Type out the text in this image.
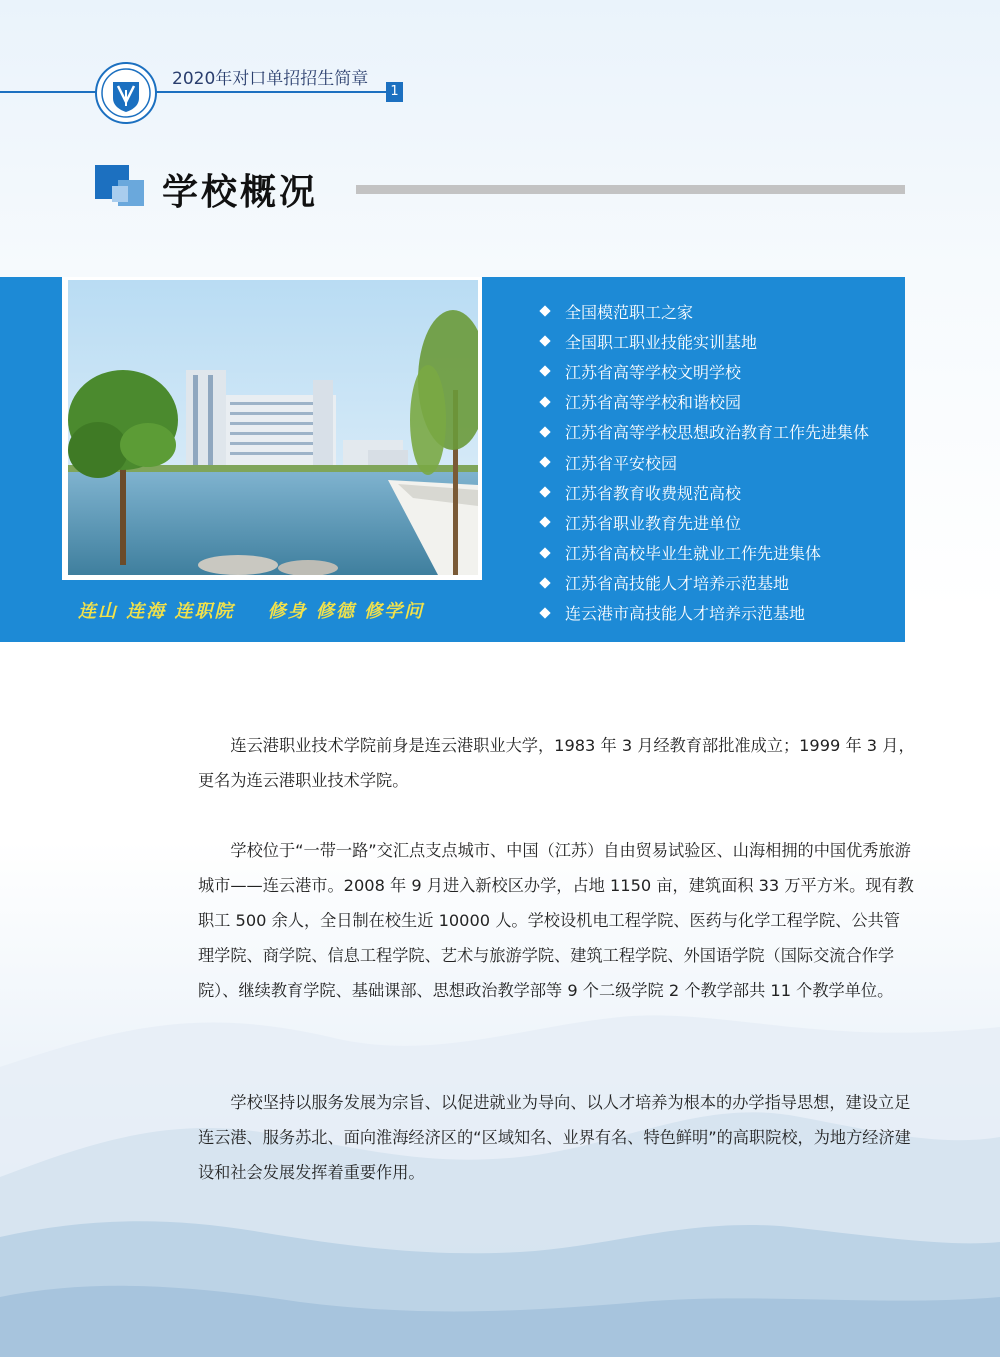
2020年对口单招招生简章
1
学校概况
连山 连海 连职院    修身 修德 修学问
全国模范职工之家
全国职工职业技能实训基地
江苏省高等学校文明学校
江苏省高等学校和谐校园
江苏省高等学校思想政治教育工作先进集体
江苏省平安校园
江苏省教育收费规范高校
江苏省职业教育先进单位
江苏省高校毕业生就业工作先进集体
江苏省高技能人才培养示范基地
连云港市高技能人才培养示范基地

连云港职业技术学院前身是连云港职业大学，1983 年 3 月经教育部批准成立；1999 年 3 月，更名为连云港职业技术学院。

学校位于“一带一路”交汇点支点城市、中国（江苏）自由贸易试验区、山海相拥的中国优秀旅游城市——连云港市。2008 年 9 月进入新校区办学，占地 1150 亩，建筑面积 33 万平方米。现有教职工 500 余人，全日制在校生近 10000 人。学校设机电工程学院、医药与化学工程学院、公共管理学院、商学院、信息工程学院、艺术与旅游学院、建筑工程学院、外国语学院（国际交流合作学院）、继续教育学院、基础课部、思想政治教学部等 9 个二级学院 2 个教学部共 11 个教学单位。

学校坚持以服务发展为宗旨、以促进就业为导向、以人才培养为根本的办学指导思想，建设立足连云港、服务苏北、面向淮海经济区的“区域知名、业界有名、特色鲜明”的高职院校，为地方经济建设和社会发展发挥着重要作用。
